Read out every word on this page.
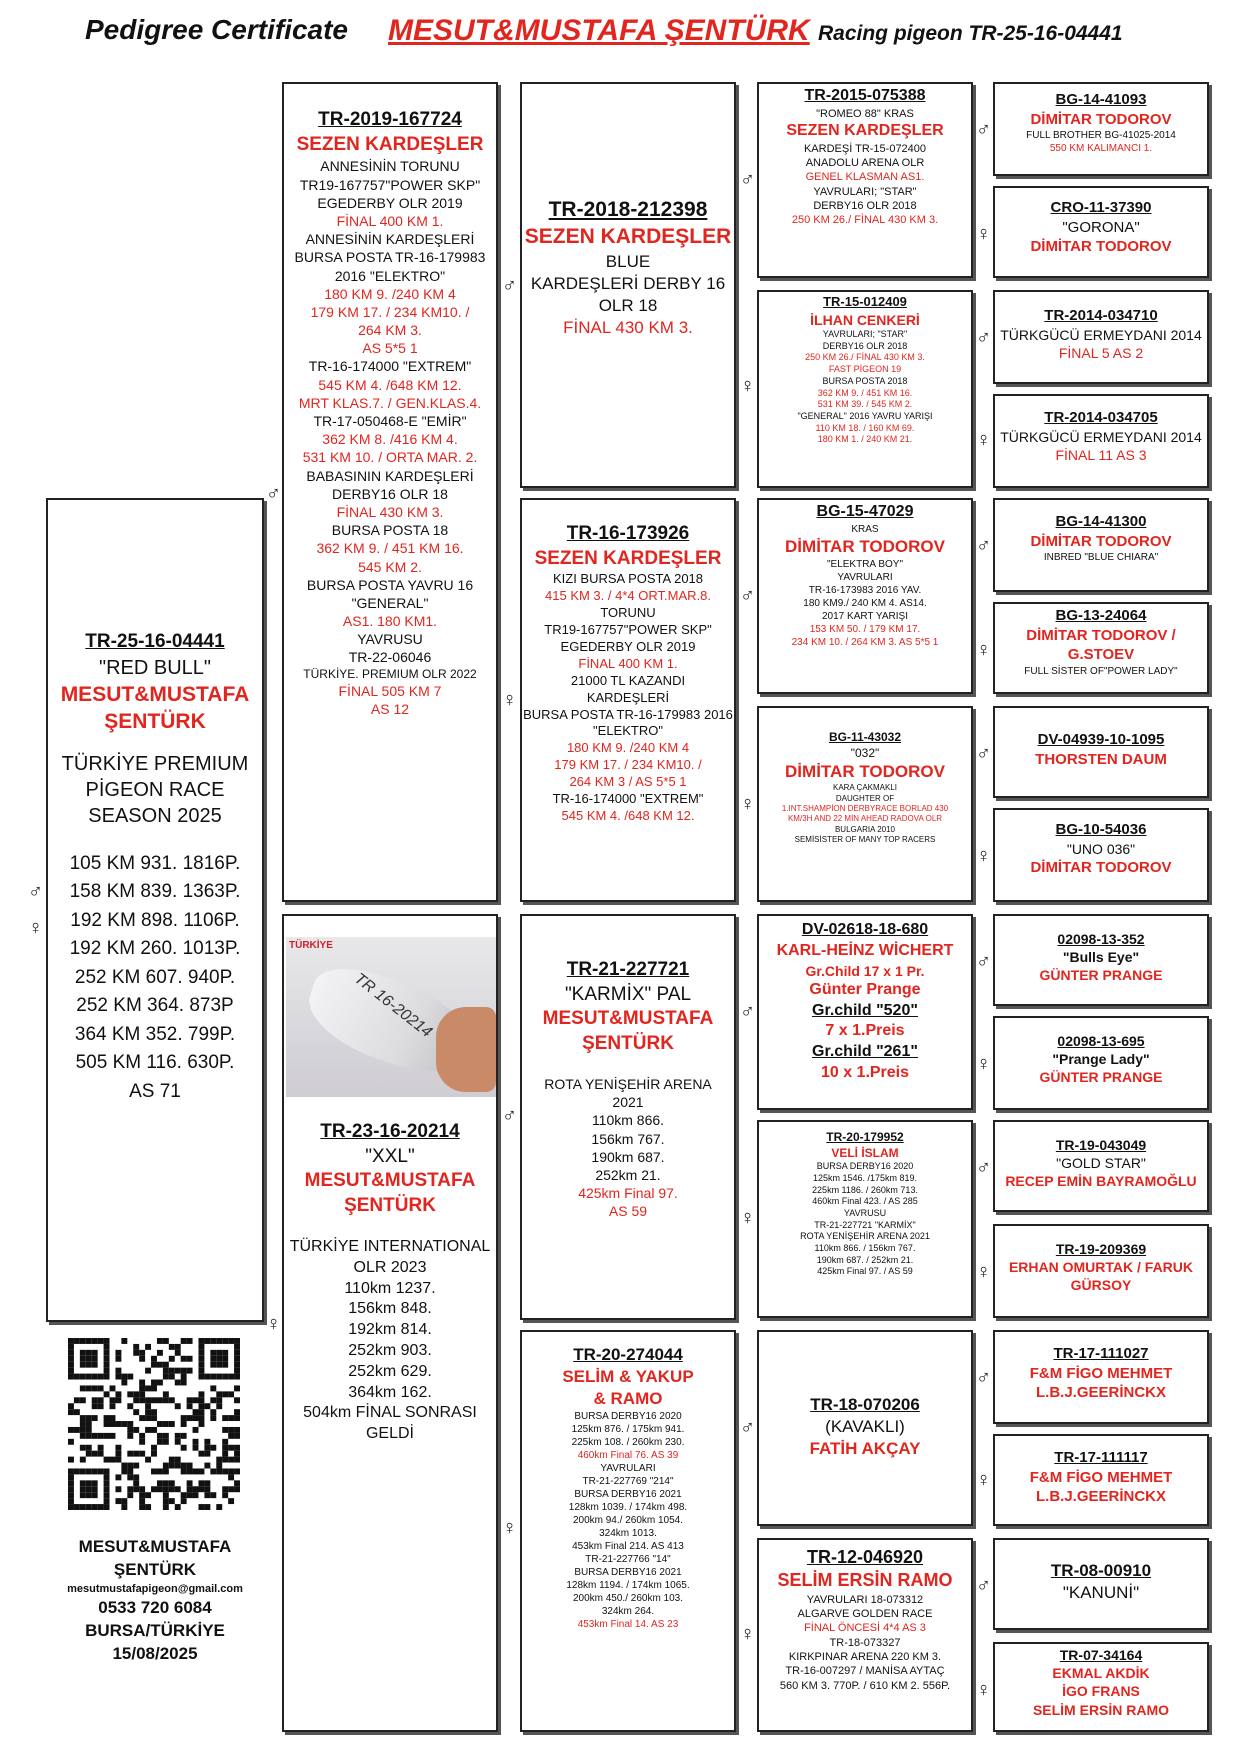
Pedigree Certificate MESUT&MUSTAFA ŞENTÜRK Racing pigeon TR-25-16-04441
TR-25-16-04441
"RED BULL"
MESUT&MUSTAFA
ŞENTÜRK

TÜRKİYE PREMIUM
PİGEON RACE
SEASON 2025

105 KM 931. 1816P.
158 KM 839. 1363P.
192 KM 898. 1106P.
192 KM 260. 1013P.
252 KM 607. 940P.
252 KM 364. 873P
364 KM 352. 799P.
505 KM 116. 630P.
AS 71
♂
♀
MESUT&MUSTAFA
ŞENTÜRK
mesutmustafapigeon@gmail.com
0533 720 6084
BURSA/TÜRKİYE
15/08/2025
TR-2019-167724
SEZEN KARDEŞLER
ANNESİNİN TORUNU
TR19-167757"POWER SKP"
EGEDERBY OLR 2019
FİNAL 400 KM 1.
ANNESİNİN KARDEŞLERİ
BURSA POSTA TR-16-179983
2016 "ELEKTRO"
180 KM 9. /240 KM 4
179 KM 17. / 234 KM10. /
264 KM 3.
AS 5*5 1
TR-16-174000 "EXTREM"
545 KM 4. /648 KM 12.
MRT KLAS.7. / GEN.KLAS.4.
TR-17-050468-E "EMİR"
362 KM 8. /416 KM 4.
531 KM 10. / ORTA MAR. 2.
BABASININ KARDEŞLERİ
DERBY16 OLR 18
FİNAL 430 KM 3.
BURSA POSTA 18
362 KM 9. / 451 KM 16.
545 KM 2.
BURSA POSTA YAVRU 16
"GENERAL"
AS1. 180 KM1.
YAVRUSU
TR-22-06046
TÜRKİYE. PREMIUM OLR 2022
FİNAL 505 KM 7
AS 12
TR-23-16-20214
"XXL"
MESUT&MUSTAFA
ŞENTÜRK

TÜRKİYE INTERNATIONAL
OLR 2023
110km 1237.
156km 848.
192km 814.
252km 903.
252km 629.
364km 162.
504km FİNAL SONRASI
GELDİ
TÜRKİYE
TR 16-20214
TR-2018-212398
SEZEN KARDEŞLER
BLUE
KARDEŞLERİ DERBY 16
OLR 18
FİNAL 430 KM 3.
TR-16-173926
SEZEN KARDEŞLER
KIZI BURSA POSTA 2018
415 KM 3. / 4*4 ORT.MAR.8.
TORUNU
TR19-167757"POWER SKP"
EGEDERBY OLR 2019
FİNAL 400 KM 1.
21000 TL KAZANDI
KARDEŞLERİ
BURSA POSTA TR-16-179983 2016
"ELEKTRO"
180 KM 9. /240 KM 4
179 KM 17. / 234 KM10. /
264 KM 3 / AS 5*5 1
TR-16-174000 "EXTREM"
545 KM 4. /648 KM 12.
TR-21-227721
"KARMİX" PAL
MESUT&MUSTAFA
ŞENTÜRK

ROTA YENİŞEHİR ARENA
2021
110km 866.
156km 767.
190km 687.
252km 21.
425km Final 97.
AS 59
TR-20-274044
SELİM & YAKUP
& RAMO
BURSA DERBY16 2020
125km 876. / 175km 941.
225km 108. / 260km 230.
460km Final 76. AS 39
YAVRULARI
TR-21-227769 "214"
BURSA DERBY16 2021
128km 1039. / 174km 498.
200km 94./ 260km 1054.
324km 1013.
453km Final 214. AS 413
TR-21-227766 "14"
BURSA DERBY16 2021
128km 1194. / 174km 1065.
200km 450./ 260km 103.
324km 264.
453km Final 14. AS 23
TR-2015-075388
"ROMEO 88" KRAS
SEZEN KARDEŞLER
KARDEŞİ TR-15-072400
ANADOLU ARENA OLR
GENEL KLASMAN AS1.
YAVRULARI; "STAR"
DERBY16 OLR 2018
250 KM 26./ FİNAL 430 KM 3.
TR-15-012409
İLHAN CENKERİ
YAVRULARI; "STAR"
DERBY16 OLR 2018
250 KM 26./ FİNAL 430 KM 3.
FAST PİGEON 19
BURSA POSTA 2018
362 KM 9. / 451 KM 16.
531 KM 39. / 545 KM 2.
"GENERAL" 2016 YAVRU YARIŞI
110 KM 18. / 160 KM 69.
180 KM 1. / 240 KM 21.
BG-15-47029
KRAS
DİMİTAR TODOROV
"ELEKTRA BOY"
YAVRULARI
TR-16-173983 2016 YAV.
180 KM9./ 240 KM 4. AS14.
2017 KART YARIŞI
153 KM 50. / 179 KM 17.
234 KM 10. / 264 KM 3. AS 5*5 1
BG-11-43032
"032"
DİMİTAR TODOROV
KARA ÇAKMAKLI
DAUGHTER OF
1.INT.SHAMPİON DERBYRACE BORLAD 430
KM/3H AND 22 MİN AHEAD RADOVA OLR
BULGARIA 2010
SEMİSİSTER OF MANY TOP RACERS
DV-02618-18-680
KARL-HEİNZ WİCHERT
Gr.Child 17 x 1 Pr.
Günter Prange
Gr.child "520"
7 x 1.Preis
Gr.child "261"
10 x 1.Preis
TR-20-179952
VELİ İSLAM
BURSA DERBY16 2020
125km 1546. /175km 819.
225km 1186. / 260km 713.
460km Final 423. / AS 285
YAVRUSU
TR-21-227721 "KARMİX"
ROTA YENİŞEHİR ARENA 2021
110km 866. / 156km 767.
190km 687. / 252km 21.
425km Final 97. / AS 59
TR-18-070206
(KAVAKLI)
FATİH AKÇAY
TR-12-046920
SELİM ERSİN RAMO
YAVRULARI 18-073312
ALGARVE GOLDEN RACE
FİNAL ÖNCESİ 4*4 AS 3
TR-18-073327
KIRKPINAR ARENA 220 KM 3.
TR-16-007297 / MANİSA AYTAÇ
560 KM 3. 770P. / 610 KM 2. 556P.
BG-14-41093
DİMİTAR TODOROV
FULL BROTHER BG-41025-2014
550 KM KALIMANCI 1.
CRO-11-37390
"GORONA"
DİMİTAR TODOROV
TR-2014-034710
TÜRKGÜCÜ ERMEYDANI 2014
FİNAL 5 AS 2
TR-2014-034705
TÜRKGÜCÜ ERMEYDANI 2014
FİNAL 11 AS 3
BG-14-41300
DİMİTAR TODOROV
INBRED "BLUE CHIARA"
BG-13-24064
DİMİTAR TODOROV /
G.STOEV
FULL SİSTER OF"POWER LADY"
DV-04939-10-1095
THORSTEN DAUM
BG-10-54036
"UNO 036"
DİMİTAR TODOROV
02098-13-352
"Bulls Eye"
GÜNTER PRANGE
02098-13-695
"Prange Lady"
GÜNTER PRANGE
TR-19-043049
"GOLD STAR"
RECEP EMİN BAYRAMOĞLU
TR-19-209369
ERHAN OMURTAK / FARUK
GÜRSOY
TR-17-111027
F&M FİGO MEHMET
L.B.J.GEERİNCKX
TR-17-111117
F&M FİGO MEHMET
L.B.J.GEERİNCKX
TR-08-00910
"KANUNİ"
TR-07-34164
EKMAL AKDİK
İGO FRANS
SELİM ERSİN RAMO
♂
♀
♂
♀
♂
♀
♂
♀
♂
♀
♂
♀
♂
♀
♂
♀
♂
♀
♂
♀
♂
♀
♂
♀
♂
♀
♂
♀
♂
♀
